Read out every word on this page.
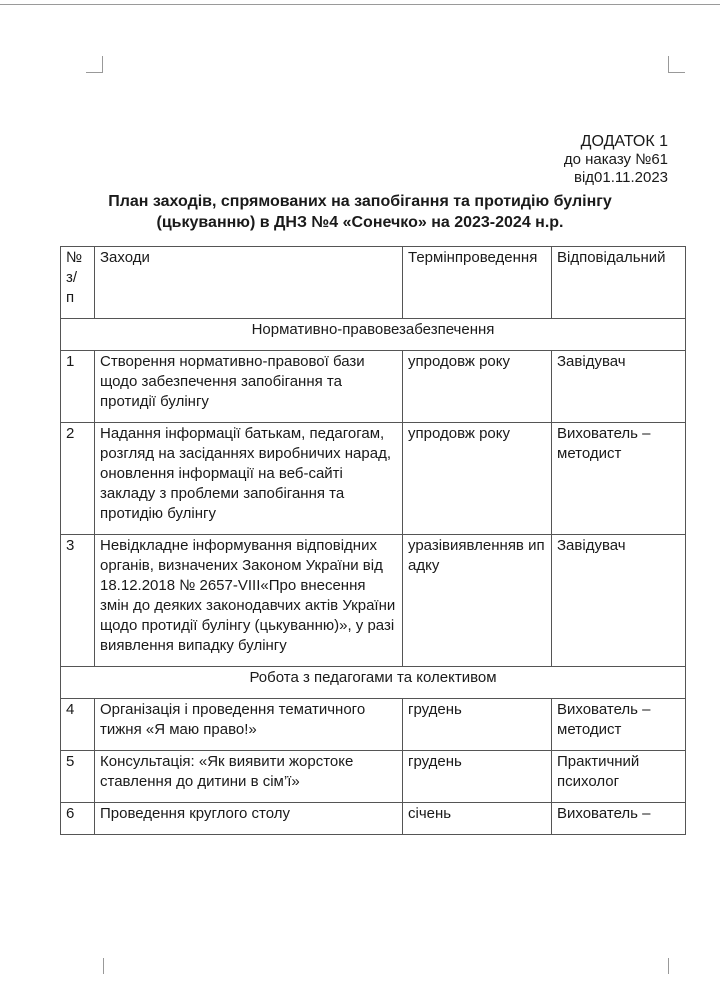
ДОДАТОК 1
до наказу №61
від01.11.2023
План заходів, спрямованих на запобігання та протидію булінгу
(цькуванню) в ДНЗ №4 «Сонечко» на 2023-2024 н.р.
№ з/ п	Заходи	Термінпроведення	Відповідальний
Нормативно-правовезабезпечення			
1	Створення нормативно-правової бази щодо забезпечення запобігання та протидії булінгу	упродовж року	Завідувач
2	Надання інформації батькам, педагогам, розгляд на засіданнях виробничих нарад, оновлення інформації на веб-сайті закладу з проблеми запобігання та протидію булінгу	упродовж року	Вихователь – методист
3	Невідкладне інформування відповідних органів, визначених Законом України від 18.12.2018 № 2657-VIII«Про внесення змін до деяких законодавчих актів України щодо протидії булінгу (цькуванню)», у разі виявлення випадку булінгу	уразівиявленняв ипадку	Завідувач
Робота з педагогами та колективом			
4	Організація і проведення тематичного тижня «Я маю право!»	грудень	Вихователь – методист
5	Консультація: «Як виявити жорстоке ставлення до дитини в сім’ї»	грудень	Практичний психолог
6	Проведення круглого столу	січень	Вихователь –
